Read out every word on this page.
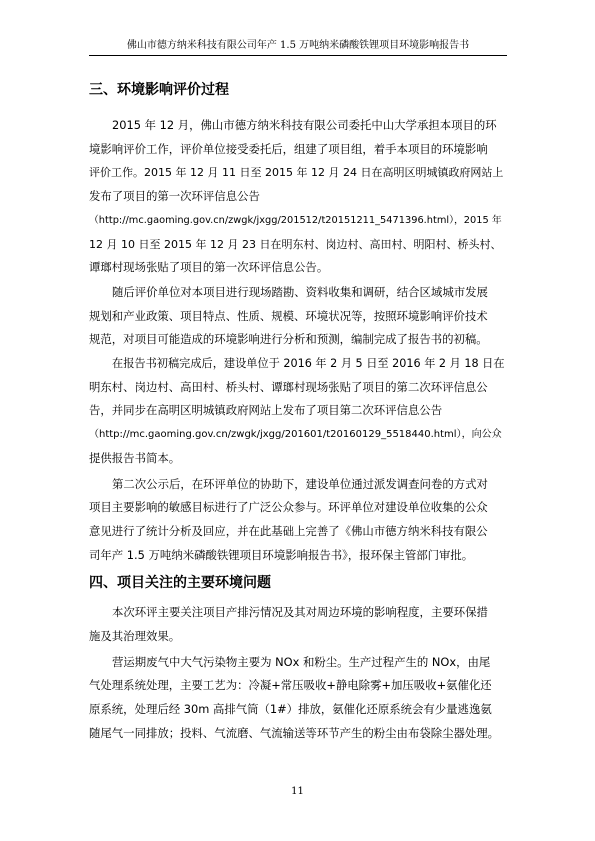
佛山市德方纳米科技有限公司年产 1.5 万吨纳米磷酸铁锂项目环境影响报告书
三、环境影响评价过程
2015 年 12 月，佛山市德方纳米科技有限公司委托中山大学承担本项目的环
境影响评价工作，评价单位接受委托后，组建了项目组，着手本项目的环境影响
评价工作。2015 年 12 月 11 日至 2015 年 12 月 24 日在高明区明城镇政府网站上
发布了项目的第一次环评信息公告
（http://mc.gaoming.gov.cn/zwgk/jxgg/201512/t20151211_5471396.html），2015 年
12 月 10 日至 2015 年 12 月 23 日在明东村、岗边村、高田村、明阳村、桥头村、
谭瑯村现场张贴了项目的第一次环评信息公告。
随后评价单位对本项目进行现场踏勘、资料收集和调研，结合区域城市发展
规划和产业政策、项目特点、性质、规模、环境状况等，按照环境影响评价技术
规范，对项目可能造成的环境影响进行分析和预测，编制完成了报告书的初稿。
在报告书初稿完成后，建设单位于 2016 年 2 月 5 日至 2016 年 2 月 18 日在
明东村、岗边村、高田村、桥头村、谭瑯村现场张贴了项目的第二次环评信息公
告，并同步在高明区明城镇政府网站上发布了项目第二次环评信息公告
（http://mc.gaoming.gov.cn/zwgk/jxgg/201601/t20160129_5518440.html），向公众
提供报告书简本。
第二次公示后，在环评单位的协助下，建设单位通过派发调查问卷的方式对
项目主要影响的敏感目标进行了广泛公众参与。环评单位对建设单位收集的公众
意见进行了统计分析及回应，并在此基础上完善了《佛山市德方纳米科技有限公
司年产 1.5 万吨纳米磷酸铁锂项目环境影响报告书》，报环保主管部门审批。
四、项目关注的主要环境问题
本次环评主要关注项目产排污情况及其对周边环境的影响程度，主要环保措
施及其治理效果。
营运期废气中大气污染物主要为 NOx 和粉尘。生产过程产生的 NOx，由尾
气处理系统处理，主要工艺为：冷凝+常压吸收+静电除雾+加压吸收+氨催化还
原系统，处理后经 30m 高排气筒（1#）排放，氨催化还原系统会有少量逃逸氨
随尾气一同排放；投料、气流磨、气流输送等环节产生的粉尘由布袋除尘器处理。
11
